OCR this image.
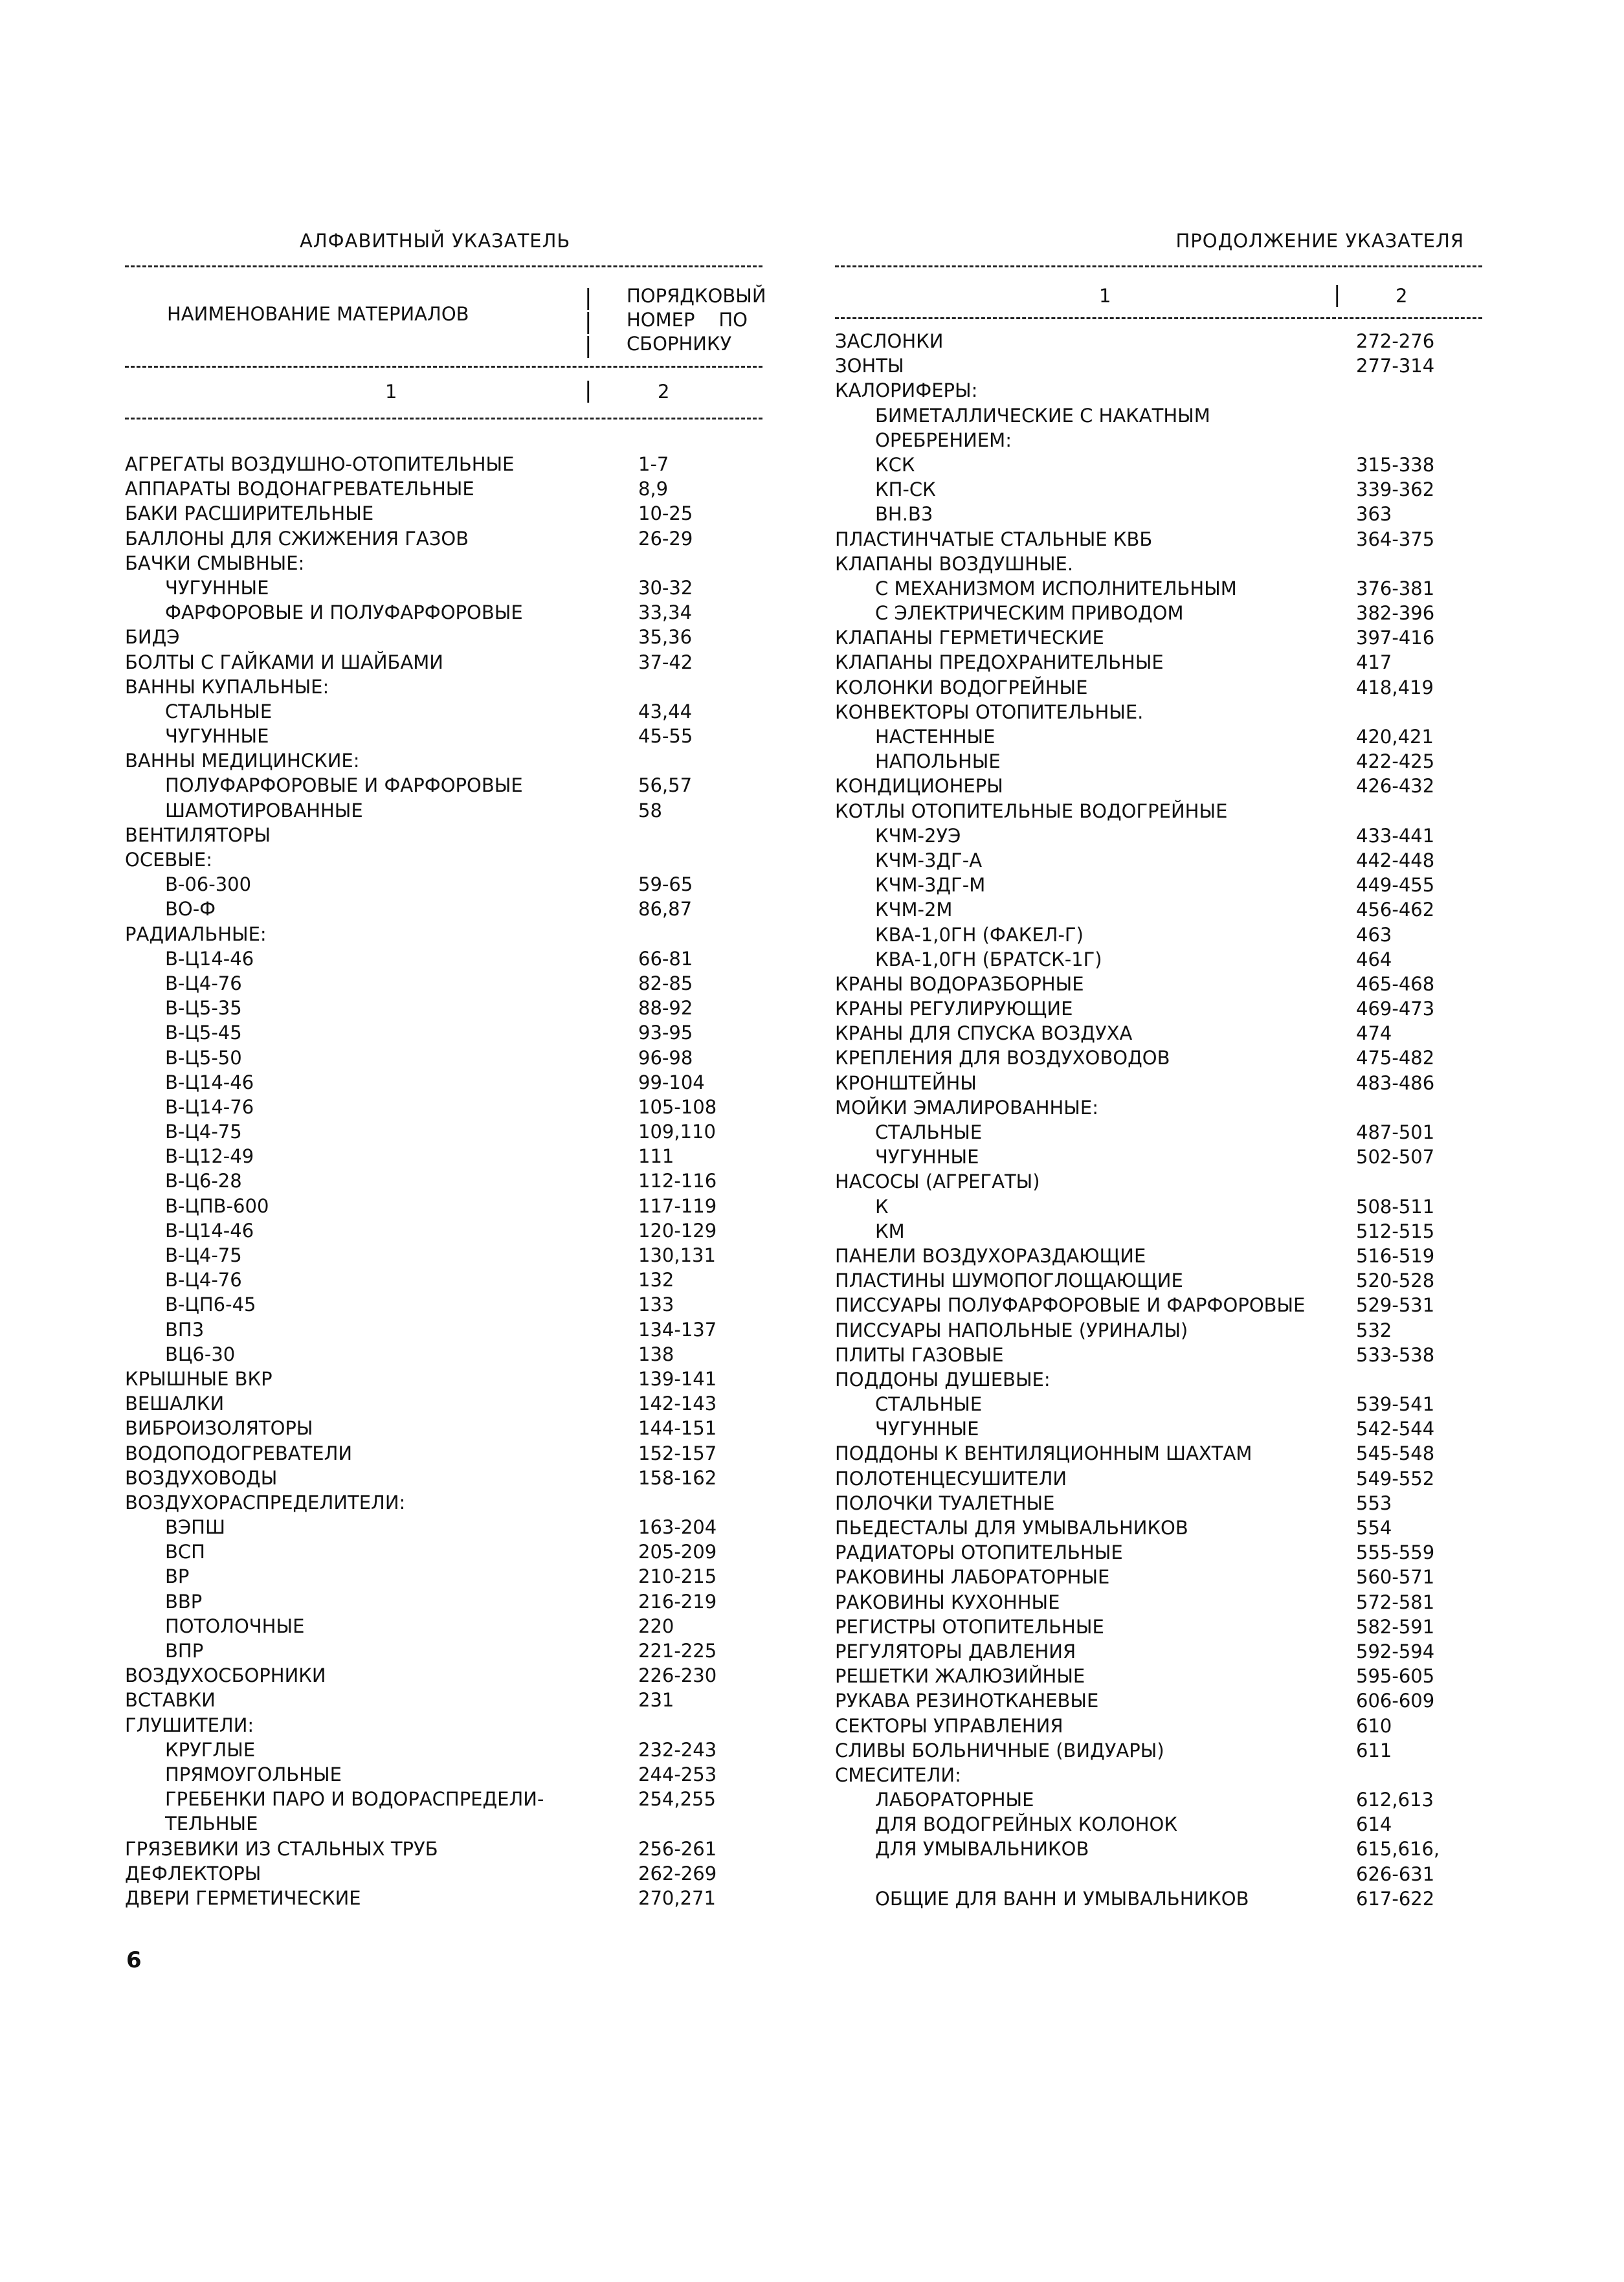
АЛФАВИТНЫЙ УКАЗАТЕЛЬ
НАИМЕНОВАНИЕ МАТЕРИАЛОВ
|
|
|
ПОРЯДКОВЫЙ
НОМЕР    ПО
СБОРНИКУ
1	|	2
АГРЕГАТЫ ВОЗДУШНО-ОТОПИТЕЛЬНЫЕ	1-7
АППАРАТЫ ВОДОНАГРЕВАТЕЛЬНЫЕ	8,9
БАКИ РАСШИРИТЕЛЬНЫЕ	10-25
БАЛЛОНЫ ДЛЯ СЖИЖЕНИЯ ГАЗОВ	26-29
БАЧКИ СМЫВНЫЕ:
ЧУГУННЫЕ	30-32
ФАРФОРОВЫЕ И ПОЛУФАРФОРОВЫЕ	33,34
БИДЭ	35,36
БОЛТЫ С ГАЙКАМИ И ШАЙБАМИ	37-42
ВАННЫ КУПАЛЬНЫЕ:
СТАЛЬНЫЕ	43,44
ЧУГУННЫЕ	45-55
ВАННЫ МЕДИЦИНСКИЕ:
ПОЛУФАРФОРОВЫЕ И ФАРФОРОВЫЕ	56,57
ШАМОТИРОВАННЫЕ	58
ВЕНТИЛЯТОРЫ
ОСЕВЫЕ:
В-06-300	59-65
ВО-Ф	86,87
РАДИАЛЬНЫЕ:
В-Ц14-46	66-81
В-Ц4-76	82-85
В-Ц5-35	88-92
В-Ц5-45	93-95
В-Ц5-50	96-98
В-Ц14-46	99-104
В-Ц14-76	105-108
В-Ц4-75	109,110
В-Ц12-49	111
В-Ц6-28	112-116
В-ЦПВ-600	117-119
В-Ц14-46	120-129
В-Ц4-75	130,131
В-Ц4-76	132
В-ЦП6-45	133
ВП3	134-137
ВЦ6-30	138
КРЫШНЫЕ ВКР	139-141
ВЕШАЛКИ	142-143
ВИБРОИЗОЛЯТОРЫ	144-151
ВОДОПОДОГРЕВАТЕЛИ	152-157
ВОЗДУХОВОДЫ	158-162
ВОЗДУХОРАСПРЕДЕЛИТЕЛИ:
ВЭПШ	163-204
ВСП	205-209
ВР	210-215
ВВР	216-219
ПОТОЛОЧНЫЕ	220
ВПР	221-225
ВОЗДУХОСБОРНИКИ	226-230
ВСТАВКИ	231
ГЛУШИТЕЛИ:
КРУГЛЫЕ	232-243
ПРЯМОУГОЛЬНЫЕ	244-253
ГРЕБЕНКИ ПАРО И ВОДОРАСПРЕДЕЛИ-	254,255
ТЕЛЬНЫЕ
ГРЯЗЕВИКИ ИЗ СТАЛЬНЫХ ТРУБ	256-261
ДЕФЛЕКТОРЫ	262-269
ДВЕРИ ГЕРМЕТИЧЕСКИЕ	270,271
ПРОДОЛЖЕНИЕ УКАЗАТЕЛЯ
1	|	2
ЗАСЛОНКИ	272-276
ЗОНТЫ	277-314
КАЛОРИФЕРЫ:
БИМЕТАЛЛИЧЕСКИЕ С НАКАТНЫМ
ОРЕБРЕНИЕМ:
КСК	315-338
КП-СК	339-362
ВН.В3	363
ПЛАСТИНЧАТЫЕ СТАЛЬНЫЕ КВБ	364-375
КЛАПАНЫ ВОЗДУШНЫЕ.
С МЕХАНИЗМОМ ИСПОЛНИТЕЛЬНЫМ	376-381
С ЭЛЕКТРИЧЕСКИМ ПРИВОДОМ	382-396
КЛАПАНЫ ГЕРМЕТИЧЕСКИЕ	397-416
КЛАПАНЫ ПРЕДОХРАНИТЕЛЬНЫЕ	417
КОЛОНКИ ВОДОГРЕЙНЫЕ	418,419
КОНВЕКТОРЫ ОТОПИТЕЛЬНЫЕ.
НАСТЕННЫЕ	420,421
НАПОЛЬНЫЕ	422-425
КОНДИЦИОНЕРЫ	426-432
КОТЛЫ ОТОПИТЕЛЬНЫЕ ВОДОГРЕЙНЫЕ
КЧМ-2УЭ	433-441
КЧМ-3ДГ-А	442-448
КЧМ-3ДГ-М	449-455
КЧМ-2М	456-462
КВА-1,0ГН (ФАКЕЛ-Г)	463
КВА-1,0ГН (БРАТСК-1Г)	464
КРАНЫ ВОДОРАЗБОРНЫЕ	465-468
КРАНЫ РЕГУЛИРУЮЩИЕ	469-473
КРАНЫ ДЛЯ СПУСКА ВОЗДУХА	474
КРЕПЛЕНИЯ ДЛЯ ВОЗДУХОВОДОВ	475-482
КРОНШТЕЙНЫ	483-486
МОЙКИ ЭМАЛИРОВАННЫЕ:
СТАЛЬНЫЕ	487-501
ЧУГУННЫЕ	502-507
НАСОСЫ (АГРЕГАТЫ)
К	508-511
КМ	512-515
ПАНЕЛИ ВОЗДУХОРАЗДАЮЩИЕ	516-519
ПЛАСТИНЫ ШУМОПОГЛОЩАЮЩИЕ	520-528
ПИССУАРЫ ПОЛУФАРФОРОВЫЕ И ФАРФОРОВЫЕ	529-531
ПИССУАРЫ НАПОЛЬНЫЕ (УРИНАЛЫ)	532
ПЛИТЫ ГАЗОВЫЕ	533-538
ПОДДОНЫ ДУШЕВЫЕ:
СТАЛЬНЫЕ	539-541
ЧУГУННЫЕ	542-544
ПОДДОНЫ К ВЕНТИЛЯЦИОННЫМ ШАХТАМ	545-548
ПОЛОТЕНЦЕСУШИТЕЛИ	549-552
ПОЛОЧКИ ТУАЛЕТНЫЕ	553
ПЬЕДЕСТАЛЫ ДЛЯ УМЫВАЛЬНИКОВ	554
РАДИАТОРЫ ОТОПИТЕЛЬНЫЕ	555-559
РАКОВИНЫ ЛАБОРАТОРНЫЕ	560-571
РАКОВИНЫ КУХОННЫЕ	572-581
РЕГИСТРЫ ОТОПИТЕЛЬНЫЕ	582-591
РЕГУЛЯТОРЫ ДАВЛЕНИЯ	592-594
РЕШЕТКИ ЖАЛЮЗИЙНЫЕ	595-605
РУКАВА РЕЗИНОТКАНЕВЫЕ	606-609
СЕКТОРЫ УПРАВЛЕНИЯ	610
СЛИВЫ БОЛЬНИЧНЫЕ (ВИДУАРЫ)	611
СМЕСИТЕЛИ:
ЛАБОРАТОРНЫЕ	612,613
ДЛЯ ВОДОГРЕЙНЫХ КОЛОНОК	614
ДЛЯ УМЫВАЛЬНИКОВ	615,616,
626-631
ОБЩИЕ ДЛЯ ВАНН И УМЫВАЛЬНИКОВ	617-622
6
